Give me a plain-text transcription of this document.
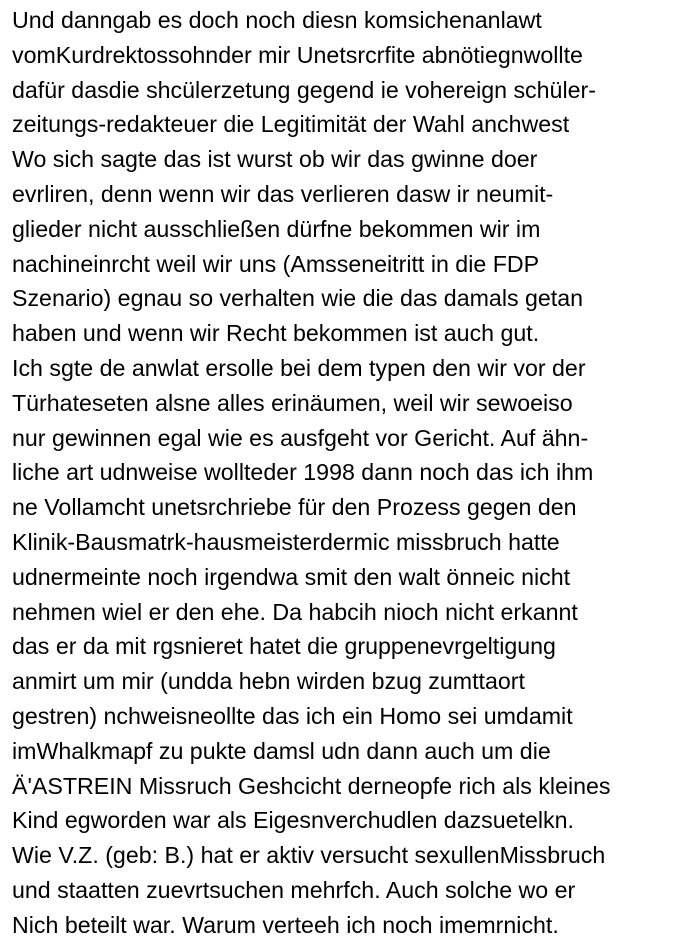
Und danngab es doch noch diesn komsichenanlawt
vomKurdrektossohnder mir Unetsrcrfite abnötiegnwollte
dafür dasdie shcülerzetung gegend ie vohereign schüler-
zeitungs-redakteuer die Legitimität der Wahl anchwest
Wo sich sagte das ist wurst ob wir das gwinne doer
evrliren, denn wenn wir das verlieren dasw ir neumit-
glieder nicht ausschließen dürfne bekommen wir im
nachineinrcht weil wir uns (Amsseneitritt in die FDP
Szenario) egnau so verhalten wie die das damals getan
haben und wenn wir Recht bekommen ist auch gut.
Ich sgte de anwlat ersolle bei dem typen den wir vor der
Türhateseten alsne alles erinäumen, weil wir sewoeiso
nur gewinnen egal wie es ausfgeht vor Gericht. Auf ähn-
liche art udnweise wollteder 1998 dann noch das ich ihm
ne Vollamcht unetsrchriebe für den Prozess gegen den
Klinik-Bausmatrk-hausmeisterdermic missbruch hatte
udnermeinte noch irgendwa smit den walt önneic nicht
nehmen wiel er den ehe. Da habcih nioch nicht erkannt
das er da mit rgsnieret hatet die gruppenevrgeltigung
anmirt um mir (undda hebn wirden bzug zumttaort
gestren) nchweisneollte das ich ein Homo sei umdamit
imWhalkmapf zu pukte damsl udn dann auch um die
Ä'ASTREIN Missruch Geshcicht derneopfe rich als kleines
Kind egworden war als Eigesnverchudlen dazsuetelkn.
Wie V.Z. (geb: B.) hat er aktiv versucht sexullenMissbruch
und staatten zuevrtsuchen mehrfch. Auch solche wo er
Nich beteilt war. Warum verteeh ich noch imemrnicht.
